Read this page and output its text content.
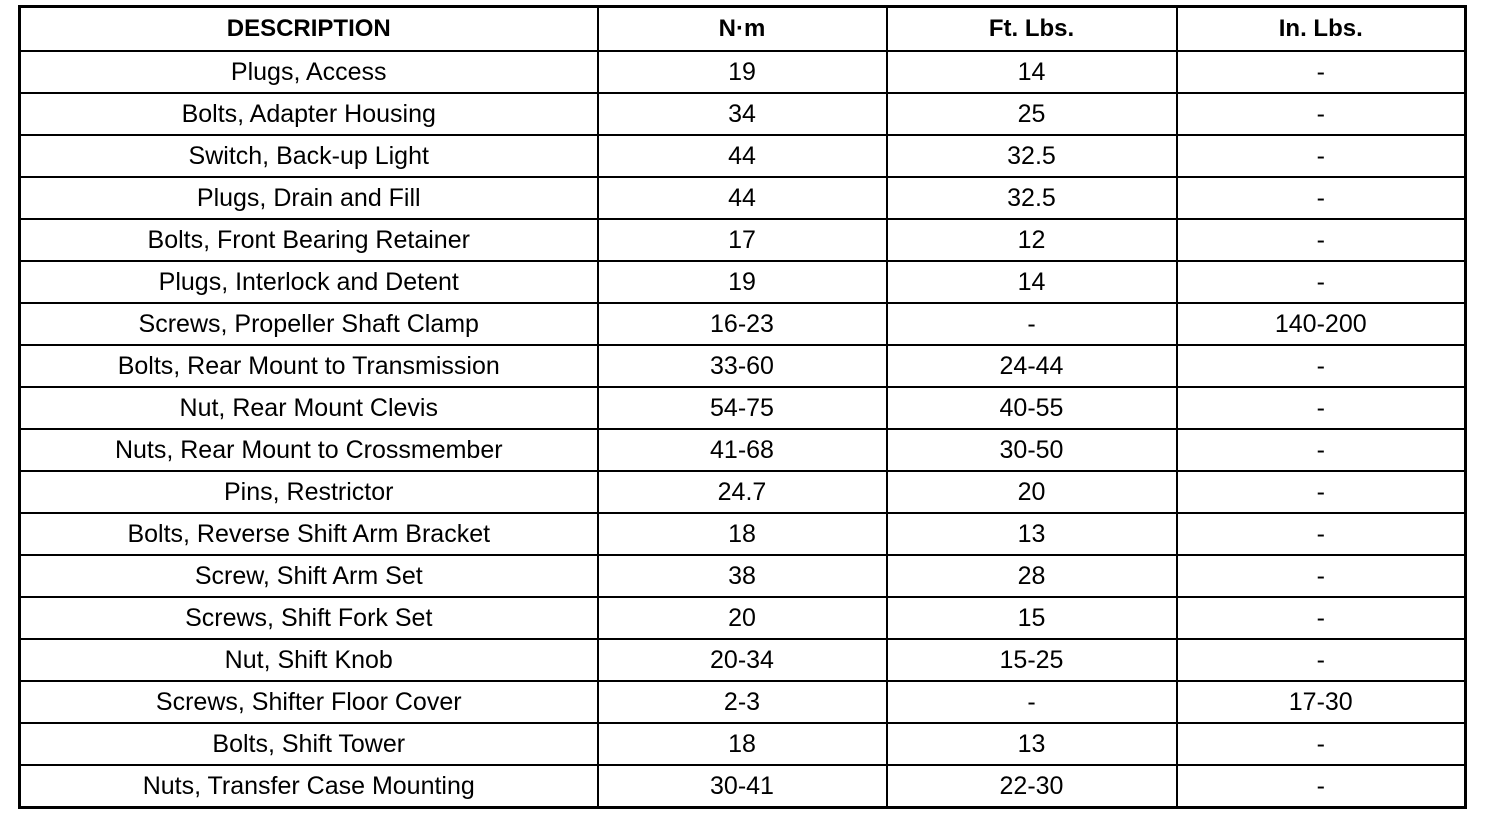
DESCRIPTION	N·m	Ft. Lbs.	In. Lbs.
Plugs, Access	19	14	-
Bolts, Adapter Housing	34	25	-
Switch, Back-up Light	44	32.5	-
Plugs, Drain and Fill	44	32.5	-
Bolts, Front Bearing Retainer	17	12	-
Plugs, Interlock and Detent	19	14	-
Screws, Propeller Shaft Clamp	16-23	-	140-200
Bolts, Rear Mount to Transmission	33-60	24-44	-
Nut, Rear Mount Clevis	54-75	40-55	-
Nuts, Rear Mount to Crossmember	41-68	30-50	-
Pins, Restrictor	24.7	20	-
Bolts, Reverse Shift Arm Bracket	18	13	-
Screw, Shift Arm Set	38	28	-
Screws, Shift Fork Set	20	15	-
Nut, Shift Knob	20-34	15-25	-
Screws, Shifter Floor Cover	2-3	-	17-30
Bolts, Shift Tower	18	13	-
Nuts, Transfer Case Mounting	30-41	22-30	-
